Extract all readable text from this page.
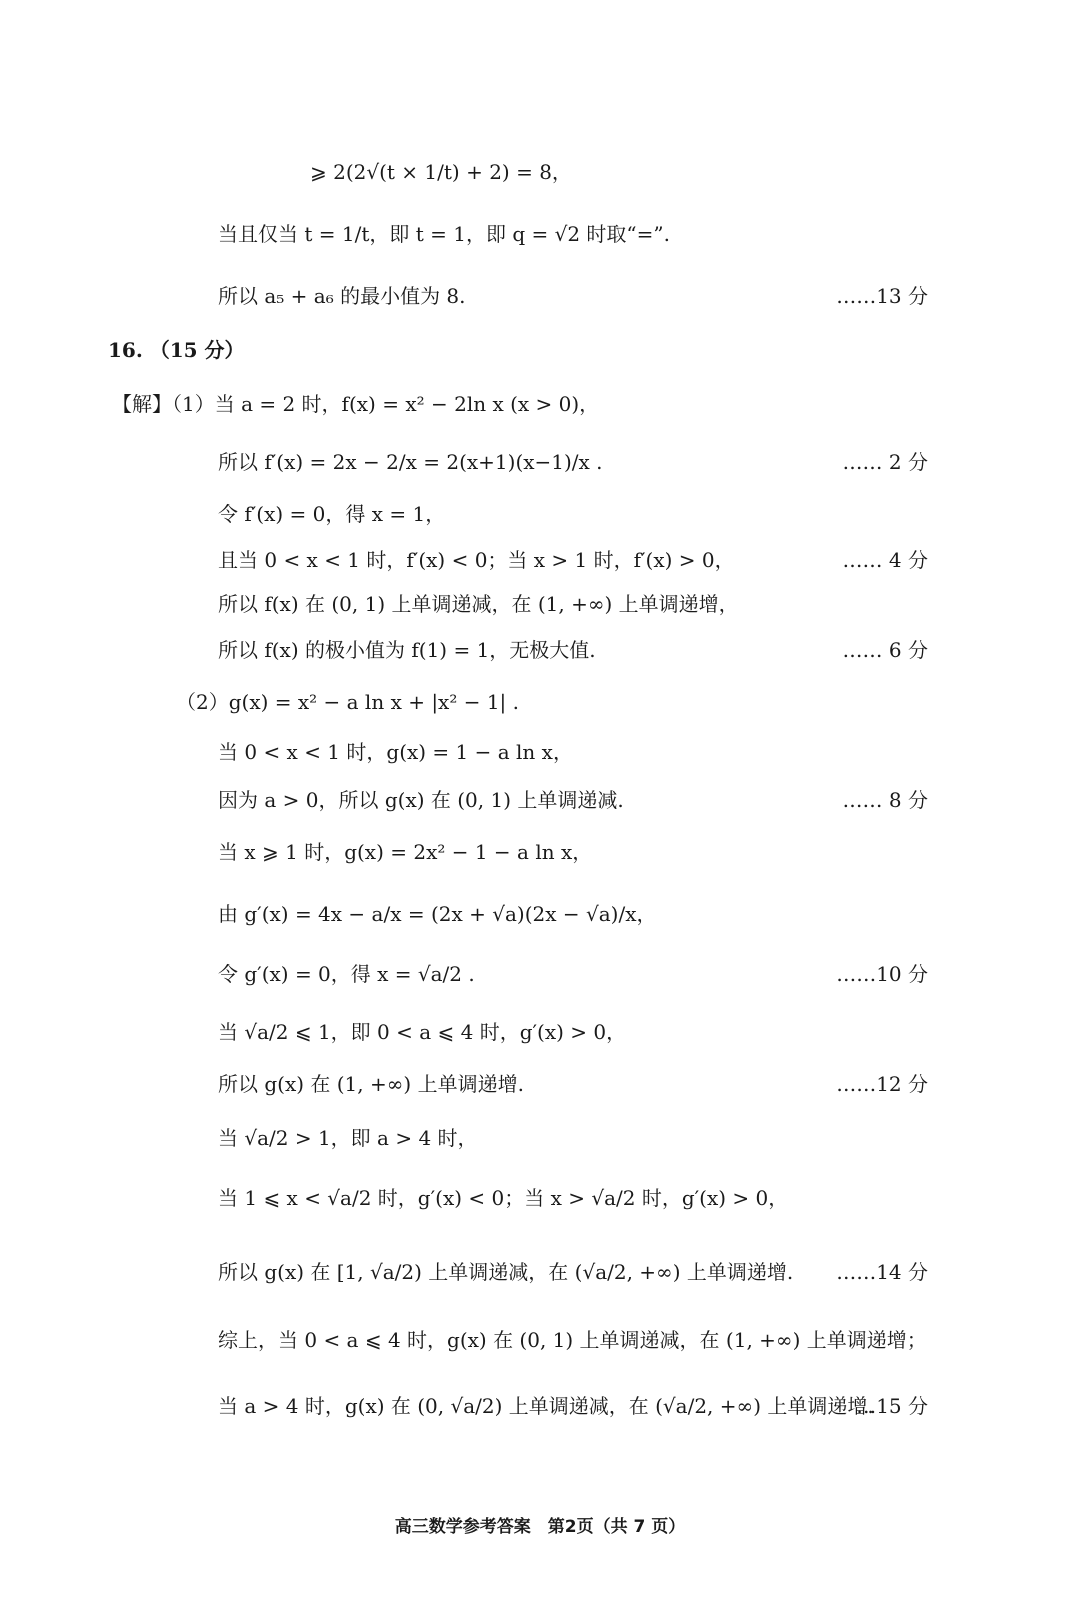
⩾ 2(2√(t × 1/t) + 2) = 8，
当且仅当 t = 1/t，即 t = 1，即 q = √2 时取“=”.
所以 a₅ + a₆ 的最小值为 8.	……13 分
16. （15 分）
【解】（1）当 a = 2 时，f(x) = x² − 2ln x (x > 0)，
所以 f′(x) = 2x − 2/x = 2(x+1)(x−1)/x .	…… 2 分
令 f′(x) = 0，得 x = 1，
且当 0 < x < 1 时，f′(x) < 0；当 x > 1 时，f′(x) > 0，	…… 4 分
所以 f(x) 在 (0, 1) 上单调递减，在 (1, +∞) 上单调递增，
所以 f(x) 的极小值为 f(1) = 1，无极大值.	…… 6 分
（2）g(x) = x² − a ln x + |x² − 1| .
当 0 < x < 1 时，g(x) = 1 − a ln x，
因为 a > 0，所以 g(x) 在 (0, 1) 上单调递减.	…… 8 分
当 x ⩾ 1 时，g(x) = 2x² − 1 − a ln x，
由 g′(x) = 4x − a/x = (2x + √a)(2x − √a)/x，
令 g′(x) = 0，得 x = √a/2 .	……10 分
当 √a/2 ⩽ 1，即 0 < a ⩽ 4 时，g′(x) > 0，
所以 g(x) 在 (1, +∞) 上单调递增.	……12 分
当 √a/2 > 1，即 a > 4 时，
当 1 ⩽ x < √a/2 时，g′(x) < 0；当 x > √a/2 时，g′(x) > 0，
所以 g(x) 在 [1, √a/2) 上单调递减，在 (√a/2, +∞) 上单调递增. ……14 分
综上，当 0 < a ⩽ 4 时，g(x) 在 (0, 1) 上单调递减，在 (1, +∞) 上单调递增；
当 a > 4 时，g(x) 在 (0, √a/2) 上单调递减，在 (√a/2, +∞) 上单调递增.
…15 分
高三数学参考答案　第2页（共 7 页）
